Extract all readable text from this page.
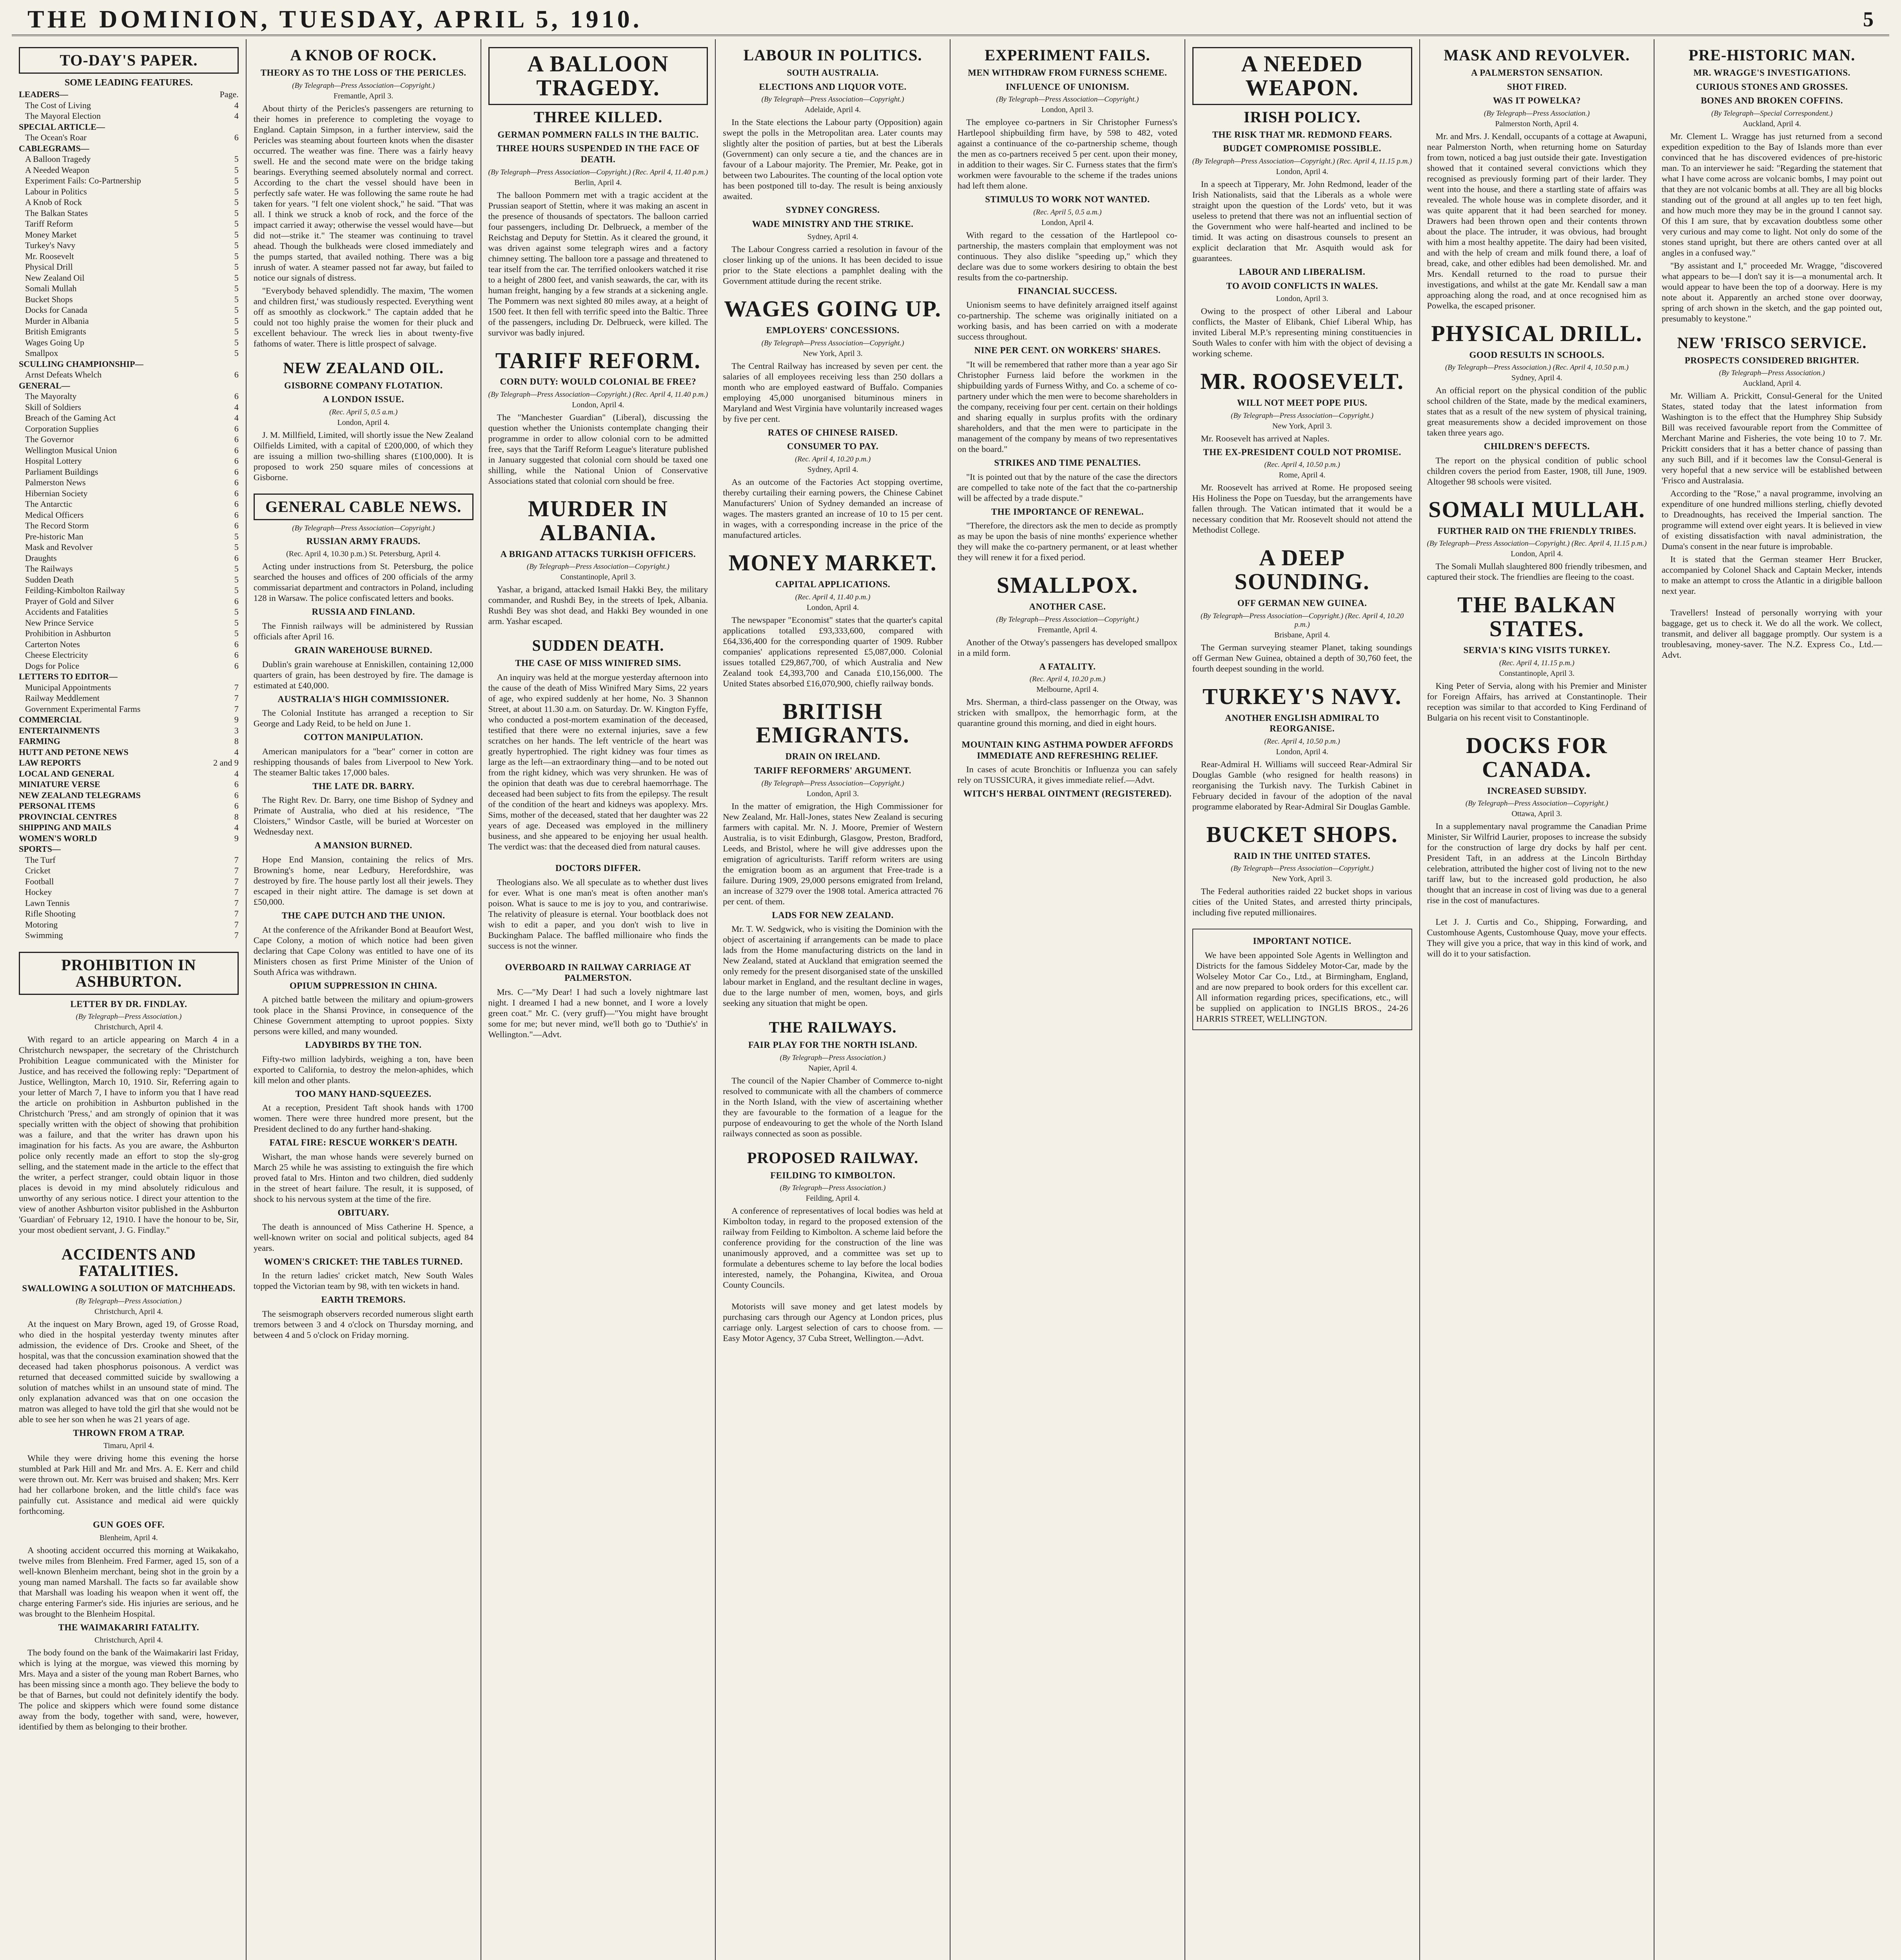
THE DOMINION, TUESDAY, APRIL 5, 1910.	5
TO-DAY'S PAPER.
SOME LEADING FEATURES.
LEADERS—	Page.
The Cost of Living	4
The Mayoral Election	4
SPECIAL ARTICLE—
The Ocean's Roar	6
CABLEGRAMS—
A Balloon Tragedy	5
A Needed Weapon	5
Experiment Fails: Co-Partnership	5
Labour in Politics	5
A Knob of Rock	5
The Balkan States	5
Tariff Reform	5
Money Market	5
Turkey's Navy	5
Mr. Roosevelt	5
Physical Drill	5
New Zealand Oil	5
Somali Mullah	5
Bucket Shops	5
Docks for Canada	5
Murder in Albania	5
British Emigrants	5
Wages Going Up	5
Smallpox	5
SCULLING CHAMPIONSHIP—
Arnst Defeats Whelch	6
GENERAL—
The Mayoralty	6
Skill of Soldiers	4
Breach of the Gaming Act	4
Corporation Supplies	6
The Governor	6
Wellington Musical Union	6
Hospital Lottery	6
Parliament Buildings	6
Palmerston News	6
Hibernian Society	6
The Antarctic	6
Medical Officers	6
The Record Storm	6
Pre-historic Man	5
Mask and Revolver	5
Draughts	6
The Railways	5
Sudden Death	5
Feilding-Kimbolton Railway	5
Prayer of Gold and Silver	6
Accidents and Fatalities	5
New Prince Service	5
Prohibition in Ashburton	5
Carterton Notes	6
Cheese Electricity	6
Dogs for Police	6
LETTERS TO EDITOR—
Municipal Appointments	7
Railway Meddlement	7
Government Experimental Farms	7
COMMERCIAL	9
ENTERTAINMENTS	3
FARMING	8
HUTT AND PETONE NEWS	4
LAW REPORTS	2 and 9
LOCAL AND GENERAL	4
MINIATURE VERSE	6
NEW ZEALAND TELEGRAMS	6
PERSONAL ITEMS	6
PROVINCIAL CENTRES	8
SHIPPING AND MAILS	4
WOMEN'S WORLD	9
SPORTS—
The Turf	7
Cricket	7
Football	7
Hockey	7
Lawn Tennis	7
Rifle Shooting	7
Motoring	7
Swimming	7
PROHIBITION IN ASHBURTON.
LETTER BY DR. FINDLAY.
(By Telegraph—Press Association.)
Christchurch, April 4.

With regard to an article appearing on March 4 in a Christchurch newspaper, the secretary of the Christchurch Prohibition League communicated with the Minister for Justice, and has received the following reply: "Department of Justice, Wellington, March 10, 1910. Sir, Referring again to your letter of March 7, I have to inform you that I have read the article on prohibition in Ashburton published in the Christchurch 'Press,' and am strongly of opinion that it was specially written with the object of showing that prohibition was a failure, and that the writer has drawn upon his imagination for his facts. As you are aware, the Ashburton police only recently made an effort to stop the sly-grog selling, and the statement made in the article to the effect that the writer, a perfect stranger, could obtain liquor in those places is devoid in my mind absolutely ridiculous and unworthy of any serious notice. I direct your attention to the view of another Ashburton visitor published in the Ashburton 'Guardian' of February 12, 1910. I have the honour to be, Sir, your most obedient servant, J. G. Findlay."

ACCIDENTS AND FATALITIES.
SWALLOWING A SOLUTION OF MATCHHEADS.
(By Telegraph—Press Association.)
Christchurch, April 4.

At the inquest on Mary Brown, aged 19, of Grosse Road, who died in the hospital yesterday twenty minutes after admission, the evidence of Drs. Crooke and Sheet, of the hospital, was that the concussion examination showed that the deceased had taken phosphorus poisonous. A verdict was returned that deceased committed suicide by swallowing a solution of matches whilst in an unsound state of mind. The only explanation advanced was that on one occasion the matron was alleged to have told the girl that she would not be able to see her son when he was 21 years of age.

THROWN FROM A TRAP.
Timaru, April 4.

While they were driving home this evening the horse stumbled at Park Hill and Mr. and Mrs. A. E. Kerr and child were thrown out. Mr. Kerr was bruised and shaken; Mrs. Kerr had her collarbone broken, and the little child's face was painfully cut. Assistance and medical aid were quickly forthcoming.

GUN GOES OFF.
Blenheim, April 4.

A shooting accident occurred this morning at Waikakaho, twelve miles from Blenheim. Fred Farmer, aged 15, son of a well-known Blenheim merchant, being shot in the groin by a young man named Marshall. The facts so far available show that Marshall was loading his weapon when it went off, the charge entering Farmer's side. His injuries are serious, and he was brought to the Blenheim Hospital.

THE WAIMAKARIRI FATALITY.
Christchurch, April 4.

The body found on the bank of the Waimakariri last Friday, which is lying at the morgue, was viewed this morning by Mrs. Maya and a sister of the young man Robert Barnes, who has been missing since a month ago. They believe the body to be that of Barnes, but could not definitely identify the body. The police and skippers which were found some distance away from the body, together with sand, were, however, identified by them as belonging to their brother.

A KNOB OF ROCK.
THEORY AS TO THE LOSS OF THE PERICLES.
(By Telegraph—Press Association—Copyright.)
Fremantle, April 3.

About thirty of the Pericles's passengers are returning to their homes in preference to completing the voyage to England. Captain Simpson, in a further interview, said the Pericles was steaming about fourteen knots when the disaster occurred. The weather was fine. There was a fairly heavy swell. He and the second mate were on the bridge taking bearings. Everything seemed absolutely normal and correct. According to the chart the vessel should have been in perfectly safe water. He was following the same route he had taken for years. "I felt one violent shock," he said. "That was all. I think we struck a knob of rock, and the force of the impact carried it away; otherwise the vessel would have—but did not—strike it." The steamer was continuing to travel ahead. Though the bulkheads were closed immediately and the pumps started, that availed nothing. There was a big inrush of water. A steamer passed not far away, but failed to notice our signals of distress.

"Everybody behaved splendidly. The maxim, 'The women and children first,' was studiously respected. Everything went off as smoothly as clockwork." The captain added that he could not too highly praise the women for their pluck and excellent behaviour. The wreck lies in about twenty-five fathoms of water. There is little prospect of salvage.

NEW ZEALAND OIL.
GISBORNE COMPANY FLOTATION.
A LONDON ISSUE.
(Rec. April 5, 0.5 a.m.)
London, April 4.

J. M. Millfield, Limited, will shortly issue the New Zealand Oilfields Limited, with a capital of £200,000, of which they are issuing a million two-shilling shares (£100,000). It is proposed to work 250 square miles of concessions at Gisborne.

GENERAL CABLE NEWS.
(By Telegraph—Press Association—Copyright.)
RUSSIAN ARMY FRAUDS.
(Rec. April 4, 10.30 p.m.) St. Petersburg, April 4.

Acting under instructions from St. Petersburg, the police searched the houses and offices of 200 officials of the army commissariat department and contractors in Poland, including 128 in Warsaw. The police confiscated letters and books.

RUSSIA AND FINLAND.

The Finnish railways will be administered by Russian officials after April 16.

GRAIN WAREHOUSE BURNED.

Dublin's grain warehouse at Enniskillen, containing 12,000 quarters of grain, has been destroyed by fire. The damage is estimated at £40,000.

AUSTRALIA'S HIGH COMMISSIONER.

The Colonial Institute has arranged a reception to Sir George and Lady Reid, to be held on June 1.

COTTON MANIPULATION.

American manipulators for a "bear" corner in cotton are reshipping thousands of bales from Liverpool to New York. The steamer Baltic takes 17,000 bales.

THE LATE DR. BARRY.

The Right Rev. Dr. Barry, one time Bishop of Sydney and Primate of Australia, who died at his residence, "The Cloisters," Windsor Castle, will be buried at Worcester on Wednesday next.

A MANSION BURNED.

Hope End Mansion, containing the relics of Mrs. Browning's home, near Ledbury, Herefordshire, was destroyed by fire. The house partly lost all their jewels. They escaped in their night attire. The damage is set down at £50,000.

THE CAPE DUTCH AND THE UNION.

At the conference of the Afrikander Bond at Beaufort West, Cape Colony, a motion of which notice had been given declaring that Cape Colony was entitled to have one of its Ministers chosen as first Prime Minister of the Union of South Africa was withdrawn.

OPIUM SUPPRESSION IN CHINA.

A pitched battle between the military and opium-growers took place in the Shansi Province, in consequence of the Chinese Government attempting to uproot poppies. Sixty persons were killed, and many wounded.

LADYBIRDS BY THE TON.

Fifty-two million ladybirds, weighing a ton, have been exported to California, to destroy the melon-aphides, which kill melon and other plants.

TOO MANY HAND-SQUEEZES.

At a reception, President Taft shook hands with 1700 women. There were three hundred more present, but the President declined to do any further hand-shaking.

FATAL FIRE: RESCUE WORKER'S DEATH.

Wishart, the man whose hands were severely burned on March 25 while he was assisting to extinguish the fire which proved fatal to Mrs. Hinton and two children, died suddenly in the street of heart failure. The result, it is supposed, of shock to his nervous system at the time of the fire.

OBITUARY.

The death is announced of Miss Catherine H. Spence, a well-known writer on social and political subjects, aged 84 years.

WOMEN'S CRICKET: THE TABLES TURNED.

In the return ladies' cricket match, New South Wales topped the Victorian team by 98, with ten wickets in hand.

EARTH TREMORS.

The seismograph observers recorded numerous slight earth tremors between 3 and 4 o'clock on Thursday morning, and between 4 and 5 o'clock on Friday morning.

A BALLOON TRAGEDY.
THREE KILLED.
GERMAN POMMERN FALLS IN THE BALTIC.
THREE HOURS SUSPENDED IN THE FACE OF DEATH.
(By Telegraph—Press Association—Copyright.) (Rec. April 4, 11.40 p.m.)
Berlin, April 4.

The balloon Pommern met with a tragic accident at the Prussian seaport of Stettin, where it was making an ascent in the presence of thousands of spectators. The balloon carried four passengers, including Dr. Delbrueck, a member of the Reichstag and Deputy for Stettin. As it cleared the ground, it was driven against some telegraph wires and a factory chimney setting. The balloon tore a passage and threatened to tear itself from the car. The terrified onlookers watched it rise to a height of 2800 feet, and vanish seawards, the car, with its human freight, hanging by a few strands at a sickening angle. The Pommern was next sighted 80 miles away, at a height of 1500 feet. It then fell with terrific speed into the Baltic. Three of the passengers, including Dr. Delbrueck, were killed. The survivor was badly injured.

TARIFF REFORM.
CORN DUTY: WOULD COLONIAL BE FREE?
(By Telegraph—Press Association—Copyright.) (Rec. April 4, 11.40 p.m.)
London, April 4.

The "Manchester Guardian" (Liberal), discussing the question whether the Unionists contemplate changing their programme in order to allow colonial corn to be admitted free, says that the Tariff Reform League's literature published in January suggested that colonial corn should be taxed one shilling, while the National Union of Conservative Associations stated that colonial corn should be free.

MURDER IN ALBANIA.
A BRIGAND ATTACKS TURKISH OFFICERS.
(By Telegraph—Press Association—Copyright.)
Constantinople, April 3.

Yashar, a brigand, attacked Ismail Hakki Bey, the military commander, and Rushdi Bey, in the streets of Ipek, Albania. Rushdi Bey was shot dead, and Hakki Bey wounded in one arm. Yashar escaped.

SUDDEN DEATH.
THE CASE OF MISS WINIFRED SIMS.

An inquiry was held at the morgue yesterday afternoon into the cause of the death of Miss Winifred Mary Sims, 22 years of age, who expired suddenly at her home, No. 3 Shannon Street, at about 11.30 a.m. on Saturday. Dr. W. Kington Fyffe, who conducted a post-mortem examination of the deceased, testified that there were no external injuries, save a few scratches on her hands. The left ventricle of the heart was greatly hypertrophied. The right kidney was four times as large as the left—an extraordinary thing—and to be noted out from the right kidney, which was very shrunken. He was of the opinion that death was due to cerebral haemorrhage. The deceased had been subject to fits from the epilepsy. The result of the condition of the heart and kidneys was apoplexy. Mrs. Sims, mother of the deceased, stated that her daughter was 22 years of age. Deceased was employed in the millinery business, and she appeared to be enjoying her usual health. The verdict was: that the deceased died from natural causes.

DOCTORS DIFFER.

Theologians also. We all speculate as to whether dust lives for ever. What is one man's meat is often another man's poison. What is sauce to me is joy to you, and contrariwise. The relativity of pleasure is eternal. Your bootblack does not wish to edit a paper, and you don't wish to live in Buckingham Palace. The baffled millionaire who finds the success is not the winner.

OVERBOARD IN RAILWAY CARRIAGE AT PALMERSTON.

Mrs. C—"My Dear! I had such a lovely nightmare last night. I dreamed I had a new bonnet, and I wore a lovely green coat." Mr. C. (very gruff)—"You might have brought some for me; but never mind, we'll both go to 'Duthie's' in Wellington."—Advt.

LABOUR IN POLITICS.
SOUTH AUSTRALIA.
ELECTIONS AND LIQUOR VOTE.
(By Telegraph—Press Association—Copyright.)
Adelaide, April 4.

In the State elections the Labour party (Opposition) again swept the polls in the Metropolitan area. Later counts may slightly alter the position of parties, but at best the Liberals (Government) can only secure a tie, and the chances are in favour of a Labour majority. The Premier, Mr. Peake, got in between two Labourites. The counting of the local option vote has been postponed till to-day. The result is being anxiously awaited.

SYDNEY CONGRESS.
WADE MINISTRY AND THE STRIKE.
Sydney, April 4.

The Labour Congress carried a resolution in favour of the closer linking up of the unions. It has been decided to issue prior to the State elections a pamphlet dealing with the Government attitude during the recent strike.

WAGES GOING UP.
EMPLOYERS' CONCESSIONS.
(By Telegraph—Press Association—Copyright.)
New York, April 3.

The Central Railway has increased by seven per cent. the salaries of all employees receiving less than 250 dollars a month who are employed eastward of Buffalo. Companies employing 45,000 unorganised bituminous miners in Maryland and West Virginia have voluntarily increased wages by five per cent.

RATES OF CHINESE RAISED.
CONSUMER TO PAY.
(Rec. April 4, 10.20 p.m.)
Sydney, April 4.

As an outcome of the Factories Act stopping overtime, thereby curtailing their earning powers, the Chinese Cabinet Manufacturers' Union of Sydney demanded an increase of wages. The masters granted an increase of 10 to 15 per cent. in wages, with a corresponding increase in the price of the manufactured articles.

MONEY MARKET.
CAPITAL APPLICATIONS.
(Rec. April 4, 11.40 p.m.)
London, April 4.

The newspaper "Economist" states that the quarter's capital applications totalled £93,333,600, compared with £64,336,400 for the corresponding quarter of 1909. Rubber companies' applications represented £5,087,000. Colonial issues totalled £29,867,700, of which Australia and New Zealand took £4,393,700 and Canada £10,156,000. The United States absorbed £16,070,900, chiefly railway bonds.

BRITISH EMIGRANTS.
DRAIN ON IRELAND.
TARIFF REFORMERS' ARGUMENT.
(By Telegraph—Press Association—Copyright.)
London, April 3.

In the matter of emigration, the High Commissioner for New Zealand, Mr. Hall-Jones, states New Zealand is securing farmers with capital. Mr. N. J. Moore, Premier of Western Australia, is to visit Edinburgh, Glasgow, Preston, Bradford, Leeds, and Bristol, where he will give addresses upon the emigration of agriculturists. Tariff reform writers are using the emigration boom as an argument that Free-trade is a failure. During 1909, 29,000 persons emigrated from Ireland, an increase of 3279 over the 1908 total. America attracted 76 per cent. of them.

LADS FOR NEW ZEALAND.

Mr. T. W. Sedgwick, who is visiting the Dominion with the object of ascertaining if arrangements can be made to place lads from the Home manufacturing districts on the land in New Zealand, stated at Auckland that emigration seemed the only remedy for the present disorganised state of the unskilled labour market in England, and the resultant decline in wages, due to the large number of men, women, boys, and girls seeking any situation that might be open.

THE RAILWAYS.
FAIR PLAY FOR THE NORTH ISLAND.
(By Telegraph—Press Association.)
Napier, April 4.

The council of the Napier Chamber of Commerce to-night resolved to communicate with all the chambers of commerce in the North Island, with the view of ascertaining whether they are favourable to the formation of a league for the purpose of endeavouring to get the whole of the North Island railways connected as soon as possible.

PROPOSED RAILWAY.
FEILDING TO KIMBOLTON.
(By Telegraph—Press Association.)
Feilding, April 4.

A conference of representatives of local bodies was held at Kimbolton today, in regard to the proposed extension of the railway from Feilding to Kimbolton. A scheme laid before the conference providing for the construction of the line was unanimously approved, and a committee was set up to formulate a debentures scheme to lay before the local bodies interested, namely, the Pohangina, Kiwitea, and Oroua County Councils.

Motorists will save money and get latest models by purchasing cars through our Agency at London prices, plus carriage only. Largest selection of cars to choose from. — Easy Motor Agency, 37 Cuba Street, Wellington.—Advt.

EXPERIMENT FAILS.
MEN WITHDRAW FROM FURNESS SCHEME.
INFLUENCE OF UNIONISM.
(By Telegraph—Press Association—Copyright.)
London, April 3.

The employee co-partners in Sir Christopher Furness's Hartlepool shipbuilding firm have, by 598 to 482, voted against a continuance of the co-partnership scheme, though the men as co-partners received 5 per cent. upon their money, in addition to their wages. Sir C. Furness states that the firm's workmen were favourable to the scheme if the trades unions had left them alone.

STIMULUS TO WORK NOT WANTED.
(Rec. April 5, 0.5 a.m.)
London, April 4.

With regard to the cessation of the Hartlepool co-partnership, the masters complain that employment was not continuous. They also dislike "speeding up," which they declare was due to some workers desiring to obtain the best results from the co-partnership.

FINANCIAL SUCCESS.

Unionism seems to have definitely arraigned itself against co-partnership. The scheme was originally initiated on a working basis, and has been carried on with a moderate success throughout.

NINE PER CENT. ON WORKERS' SHARES.

"It will be remembered that rather more than a year ago Sir Christopher Furness laid before the workmen in the shipbuilding yards of Furness Withy, and Co. a scheme of co-partnery under which the men were to become shareholders in the company, receiving four per cent. certain on their holdings and sharing equally in surplus profits with the ordinary shareholders, and that the men were to participate in the management of the company by means of two representatives on the board."

STRIKES AND TIME PENALTIES.

"It is pointed out that by the nature of the case the directors are compelled to take note of the fact that the co-partnership will be affected by a trade dispute."

THE IMPORTANCE OF RENEWAL.

"Therefore, the directors ask the men to decide as promptly as may be upon the basis of nine months' experience whether they will make the co-partnery permanent, or at least whether they will renew it for a fixed period.

SMALLPOX.
ANOTHER CASE.
(By Telegraph—Press Association—Copyright.)
Fremantle, April 4.

Another of the Otway's passengers has developed smallpox in a mild form.

A FATALITY.
(Rec. April 4, 10.20 p.m.)
Melbourne, April 4.

Mrs. Sherman, a third-class passenger on the Otway, was stricken with smallpox, the hemorrhagic form, at the quarantine ground this morning, and died in eight hours.

MOUNTAIN KING ASTHMA POWDER AFFORDS IMMEDIATE AND REFRESHING RELIEF.

In cases of acute Bronchitis or Influenza you can safely rely on TUSSICURA, it gives immediate relief.—Advt.

WITCH'S HERBAL OINTMENT (REGISTERED).
A NEEDED WEAPON.
IRISH POLICY.
THE RISK THAT MR. REDMOND FEARS.
BUDGET COMPROMISE POSSIBLE.
(By Telegraph—Press Association—Copyright.) (Rec. April 4, 11.15 p.m.)
London, April 4.

In a speech at Tipperary, Mr. John Redmond, leader of the Irish Nationalists, said that the Liberals as a whole were straight upon the question of the Lords' veto, but it was useless to pretend that there was not an influential section of the Government who were half-hearted and inclined to be timid. It was acting on disastrous counsels to present an explicit declaration that Mr. Asquith would ask for guarantees.

LABOUR AND LIBERALISM.
TO AVOID CONFLICTS IN WALES.
London, April 3.

Owing to the prospect of other Liberal and Labour conflicts, the Master of Elibank, Chief Liberal Whip, has invited Liberal M.P.'s representing mining constituencies in South Wales to confer with him with the object of devising a working scheme.

MR. ROOSEVELT.
WILL NOT MEET POPE PIUS.
(By Telegraph—Press Association—Copyright.)
New York, April 3.

Mr. Roosevelt has arrived at Naples.

THE EX-PRESIDENT COULD NOT PROMISE.
(Rec. April 4, 10.50 p.m.)
Rome, April 4.

Mr. Roosevelt has arrived at Rome. He proposed seeing His Holiness the Pope on Tuesday, but the arrangements have fallen through. The Vatican intimated that it would be a necessary condition that Mr. Roosevelt should not attend the Methodist College.

A DEEP SOUNDING.
OFF GERMAN NEW GUINEA.
(By Telegraph—Press Association—Copyright.) (Rec. April 4, 10.20 p.m.)
Brisbane, April 4.

The German surveying steamer Planet, taking soundings off German New Guinea, obtained a depth of 30,760 feet, the fourth deepest sounding in the world.

TURKEY'S NAVY.
ANOTHER ENGLISH ADMIRAL TO REORGANISE.
(Rec. April 4, 10.50 p.m.)
London, April 4.

Rear-Admiral H. Williams will succeed Rear-Admiral Sir Douglas Gamble (who resigned for health reasons) in reorganising the Turkish navy. The Turkish Cabinet in February decided in favour of the adoption of the naval programme elaborated by Rear-Admiral Sir Douglas Gamble.

BUCKET SHOPS.
RAID IN THE UNITED STATES.
(By Telegraph—Press Association—Copyright.)
New York, April 3.

The Federal authorities raided 22 bucket shops in various cities of the United States, and arrested thirty principals, including five reputed millionaires.

IMPORTANT NOTICE.

We have been appointed Sole Agents in Wellington and Districts for the famous Siddeley Motor-Car, made by the Wolseley Motor Car Co., Ltd., at Birmingham, England, and are now prepared to book orders for this excellent car. All information regarding prices, specifications, etc., will be supplied on application to INGLIS BROS., 24-26 HARRIS STREET, WELLINGTON.

MASK AND REVOLVER.
A PALMERSTON SENSATION.
SHOT FIRED.
WAS IT POWELKA?
(By Telegraph—Press Association.)
Palmerston North, April 4.

Mr. and Mrs. J. Kendall, occupants of a cottage at Awapuni, near Palmerston North, when returning home on Saturday from town, noticed a bag just outside their gate. Investigation showed that it contained several convictions which they recognised as previously forming part of their larder. They went into the house, and there a startling state of affairs was revealed. The whole house was in complete disorder, and it was quite apparent that it had been searched for money. Drawers had been thrown open and their contents thrown about the place. The intruder, it was obvious, had brought with him a most healthy appetite. The dairy had been visited, and with the help of cream and milk found there, a loaf of bread, cake, and other edibles had been demolished. Mr. and Mrs. Kendall returned to the road to pursue their investigations, and whilst at the gate Mr. Kendall saw a man approaching along the road, and at once recognised him as Powelka, the escaped prisoner.

PHYSICAL DRILL.
GOOD RESULTS IN SCHOOLS.
(By Telegraph—Press Association.) (Rec. April 4, 10.50 p.m.)
Sydney, April 4.

An official report on the physical condition of the public school children of the State, made by the medical examiners, states that as a result of the new system of physical training, great measurements show a decided improvement on those taken three years ago.

CHILDREN'S DEFECTS.

The report on the physical condition of public school children covers the period from Easter, 1908, till June, 1909. Altogether 98 schools were visited.

SOMALI MULLAH.
FURTHER RAID ON THE FRIENDLY TRIBES.
(By Telegraph—Press Association—Copyright.) (Rec. April 4, 11.15 p.m.)
London, April 4.

The Somali Mullah slaughtered 800 friendly tribesmen, and captured their stock. The friendlies are fleeing to the coast.

THE BALKAN STATES.
SERVIA'S KING VISITS TURKEY.
(Rec. April 4, 11.15 p.m.)
Constantinople, April 3.

King Peter of Servia, along with his Premier and Minister for Foreign Affairs, has arrived at Constantinople. Their reception was similar to that accorded to King Ferdinand of Bulgaria on his recent visit to Constantinople.

DOCKS FOR CANADA.
INCREASED SUBSIDY.
(By Telegraph—Press Association—Copyright.)
Ottawa, April 3.

In a supplementary naval programme the Canadian Prime Minister, Sir Wilfrid Laurier, proposes to increase the subsidy for the construction of large dry docks by half per cent. President Taft, in an address at the Lincoln Birthday celebration, attributed the higher cost of living not to the new tariff law, but to the increased gold production, he also thought that an increase in cost of living was due to a general rise in the cost of manufactures.

Let J. J. Curtis and Co., Shipping, Forwarding, and Customhouse Agents, Customhouse Quay, move your effects. They will give you a price, that way in this kind of work, and will do it to your satisfaction.

PRE-HISTORIC MAN.
MR. WRAGGE'S INVESTIGATIONS.
CURIOUS STONES AND GROSSES.
BONES AND BROKEN COFFINS.
(By Telegraph—Special Correspondent.)
Auckland, April 4.

Mr. Clement L. Wragge has just returned from a second expedition expedition to the Bay of Islands more than ever convinced that he has discovered evidences of pre-historic man. To an interviewer he said: "Regarding the statement that what I have come across are volcanic bombs, I may point out that they are not volcanic bombs at all. They are all big blocks standing out of the ground at all angles up to ten feet high, and how much more they may be in the ground I cannot say. Of this I am sure, that by excavation doubtless some other very curious and may come to light. Not only do some of the stones stand upright, but there are others canted over at all angles in a confused way."

"By assistant and I," proceeded Mr. Wragge, "discovered what appears to be—I don't say it is—a monumental arch. It would appear to have been the top of a doorway. Here is my note about it. Apparently an arched stone over doorway, spring of arch shown in the sketch, and the gap pointed out, presumably to keystone."

NEW 'FRISCO SERVICE.
PROSPECTS CONSIDERED BRIGHTER.
(By Telegraph—Press Association.)
Auckland, April 4.

Mr. William A. Prickitt, Consul-General for the United States, stated today that the latest information from Washington is to the effect that the Humphrey Ship Subsidy Bill was received favourable report from the Committee of Merchant Marine and Fisheries, the vote being 10 to 7. Mr. Prickitt considers that it has a better chance of passing than any such Bill, and if it becomes law the Consul-General is very hopeful that a new service will be established between 'Frisco and Australasia.

According to the "Rose," a naval programme, involving an expenditure of one hundred millions sterling, chiefly devoted to Dreadnoughts, has received the Imperial sanction. The programme will extend over eight years. It is believed in view of existing dissatisfaction with naval administration, the Duma's consent in the near future is improbable.

It is stated that the German steamer Herr Brucker, accompanied by Colonel Shack and Captain Mecker, intends to make an attempt to cross the Atlantic in a dirigible balloon next year.

Travellers! Instead of personally worrying with your baggage, get us to check it. We do all the work. We collect, transmit, and deliver all baggage promptly. Our system is a troublesaving, money-saver. The N.Z. Express Co., Ltd.—Advt.
